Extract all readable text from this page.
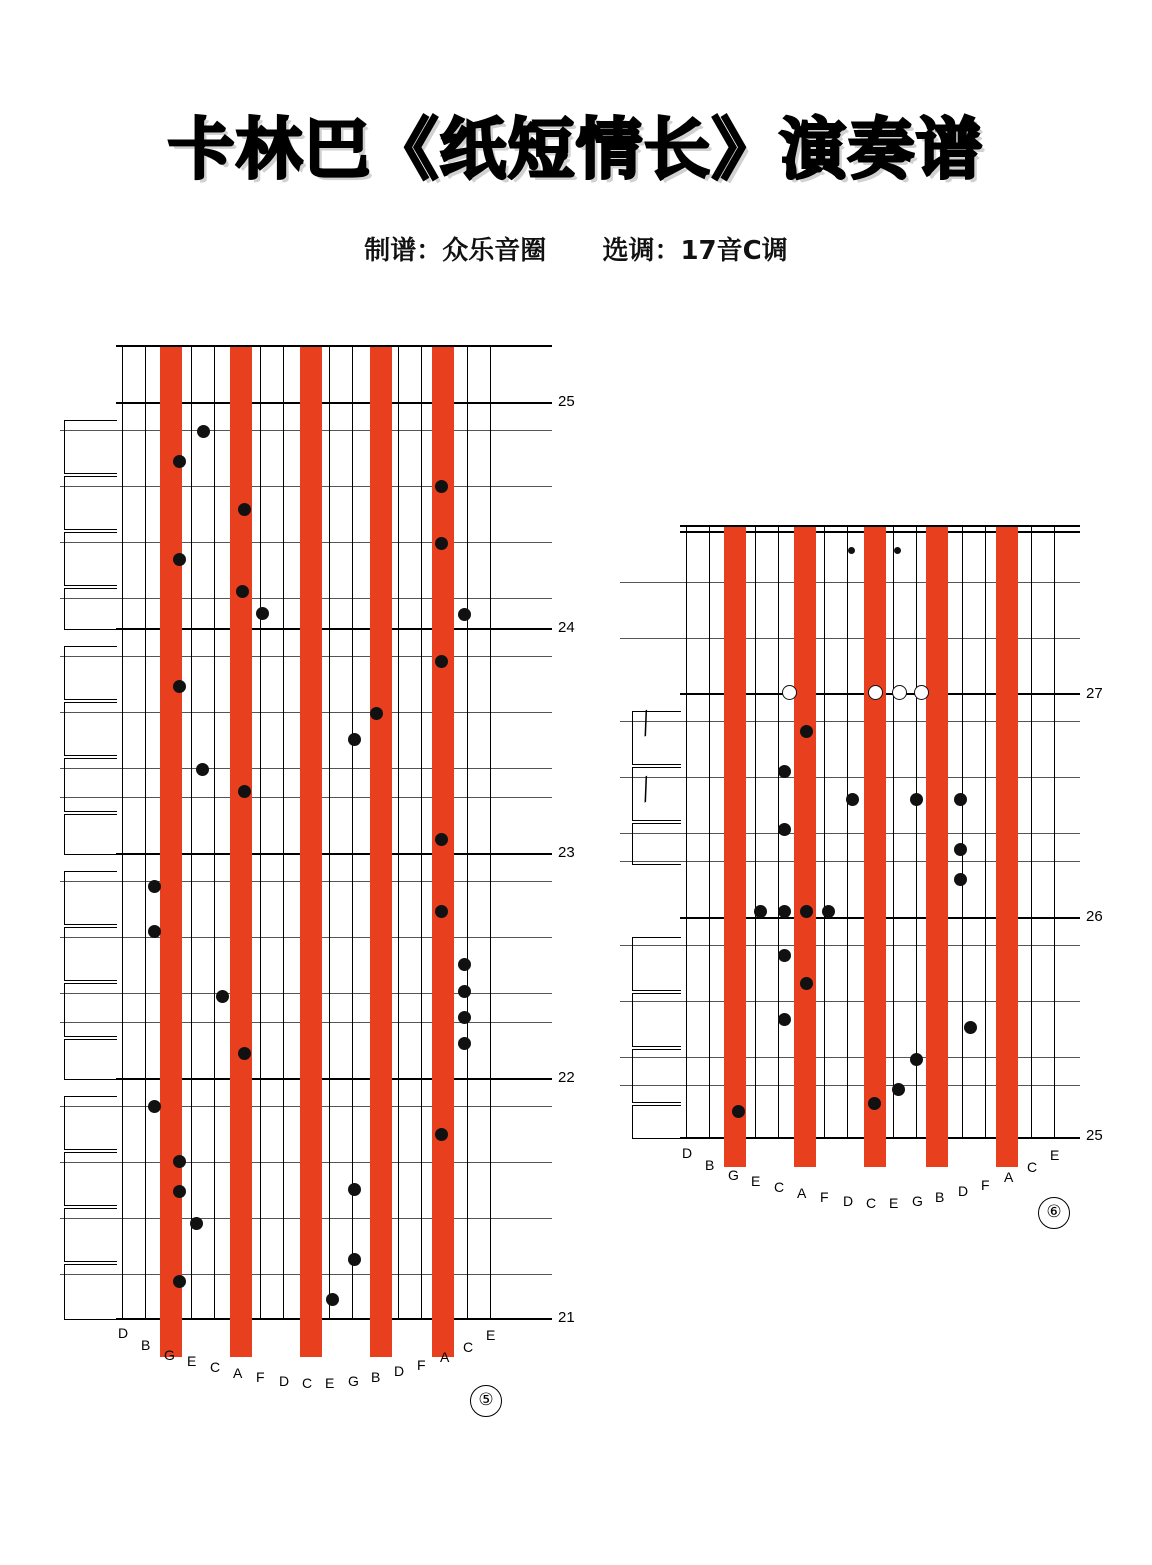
卡林巴《纸短情长》演奏谱
制谱：众乐音圈 选调：17音C调
25
24
23
22
21
D
B
G E C A F D C E G B D F A
C
E
⑤
╱
╱
27
26
25
D
B
G E C A F D C E G B D F A
C
E
⑥
